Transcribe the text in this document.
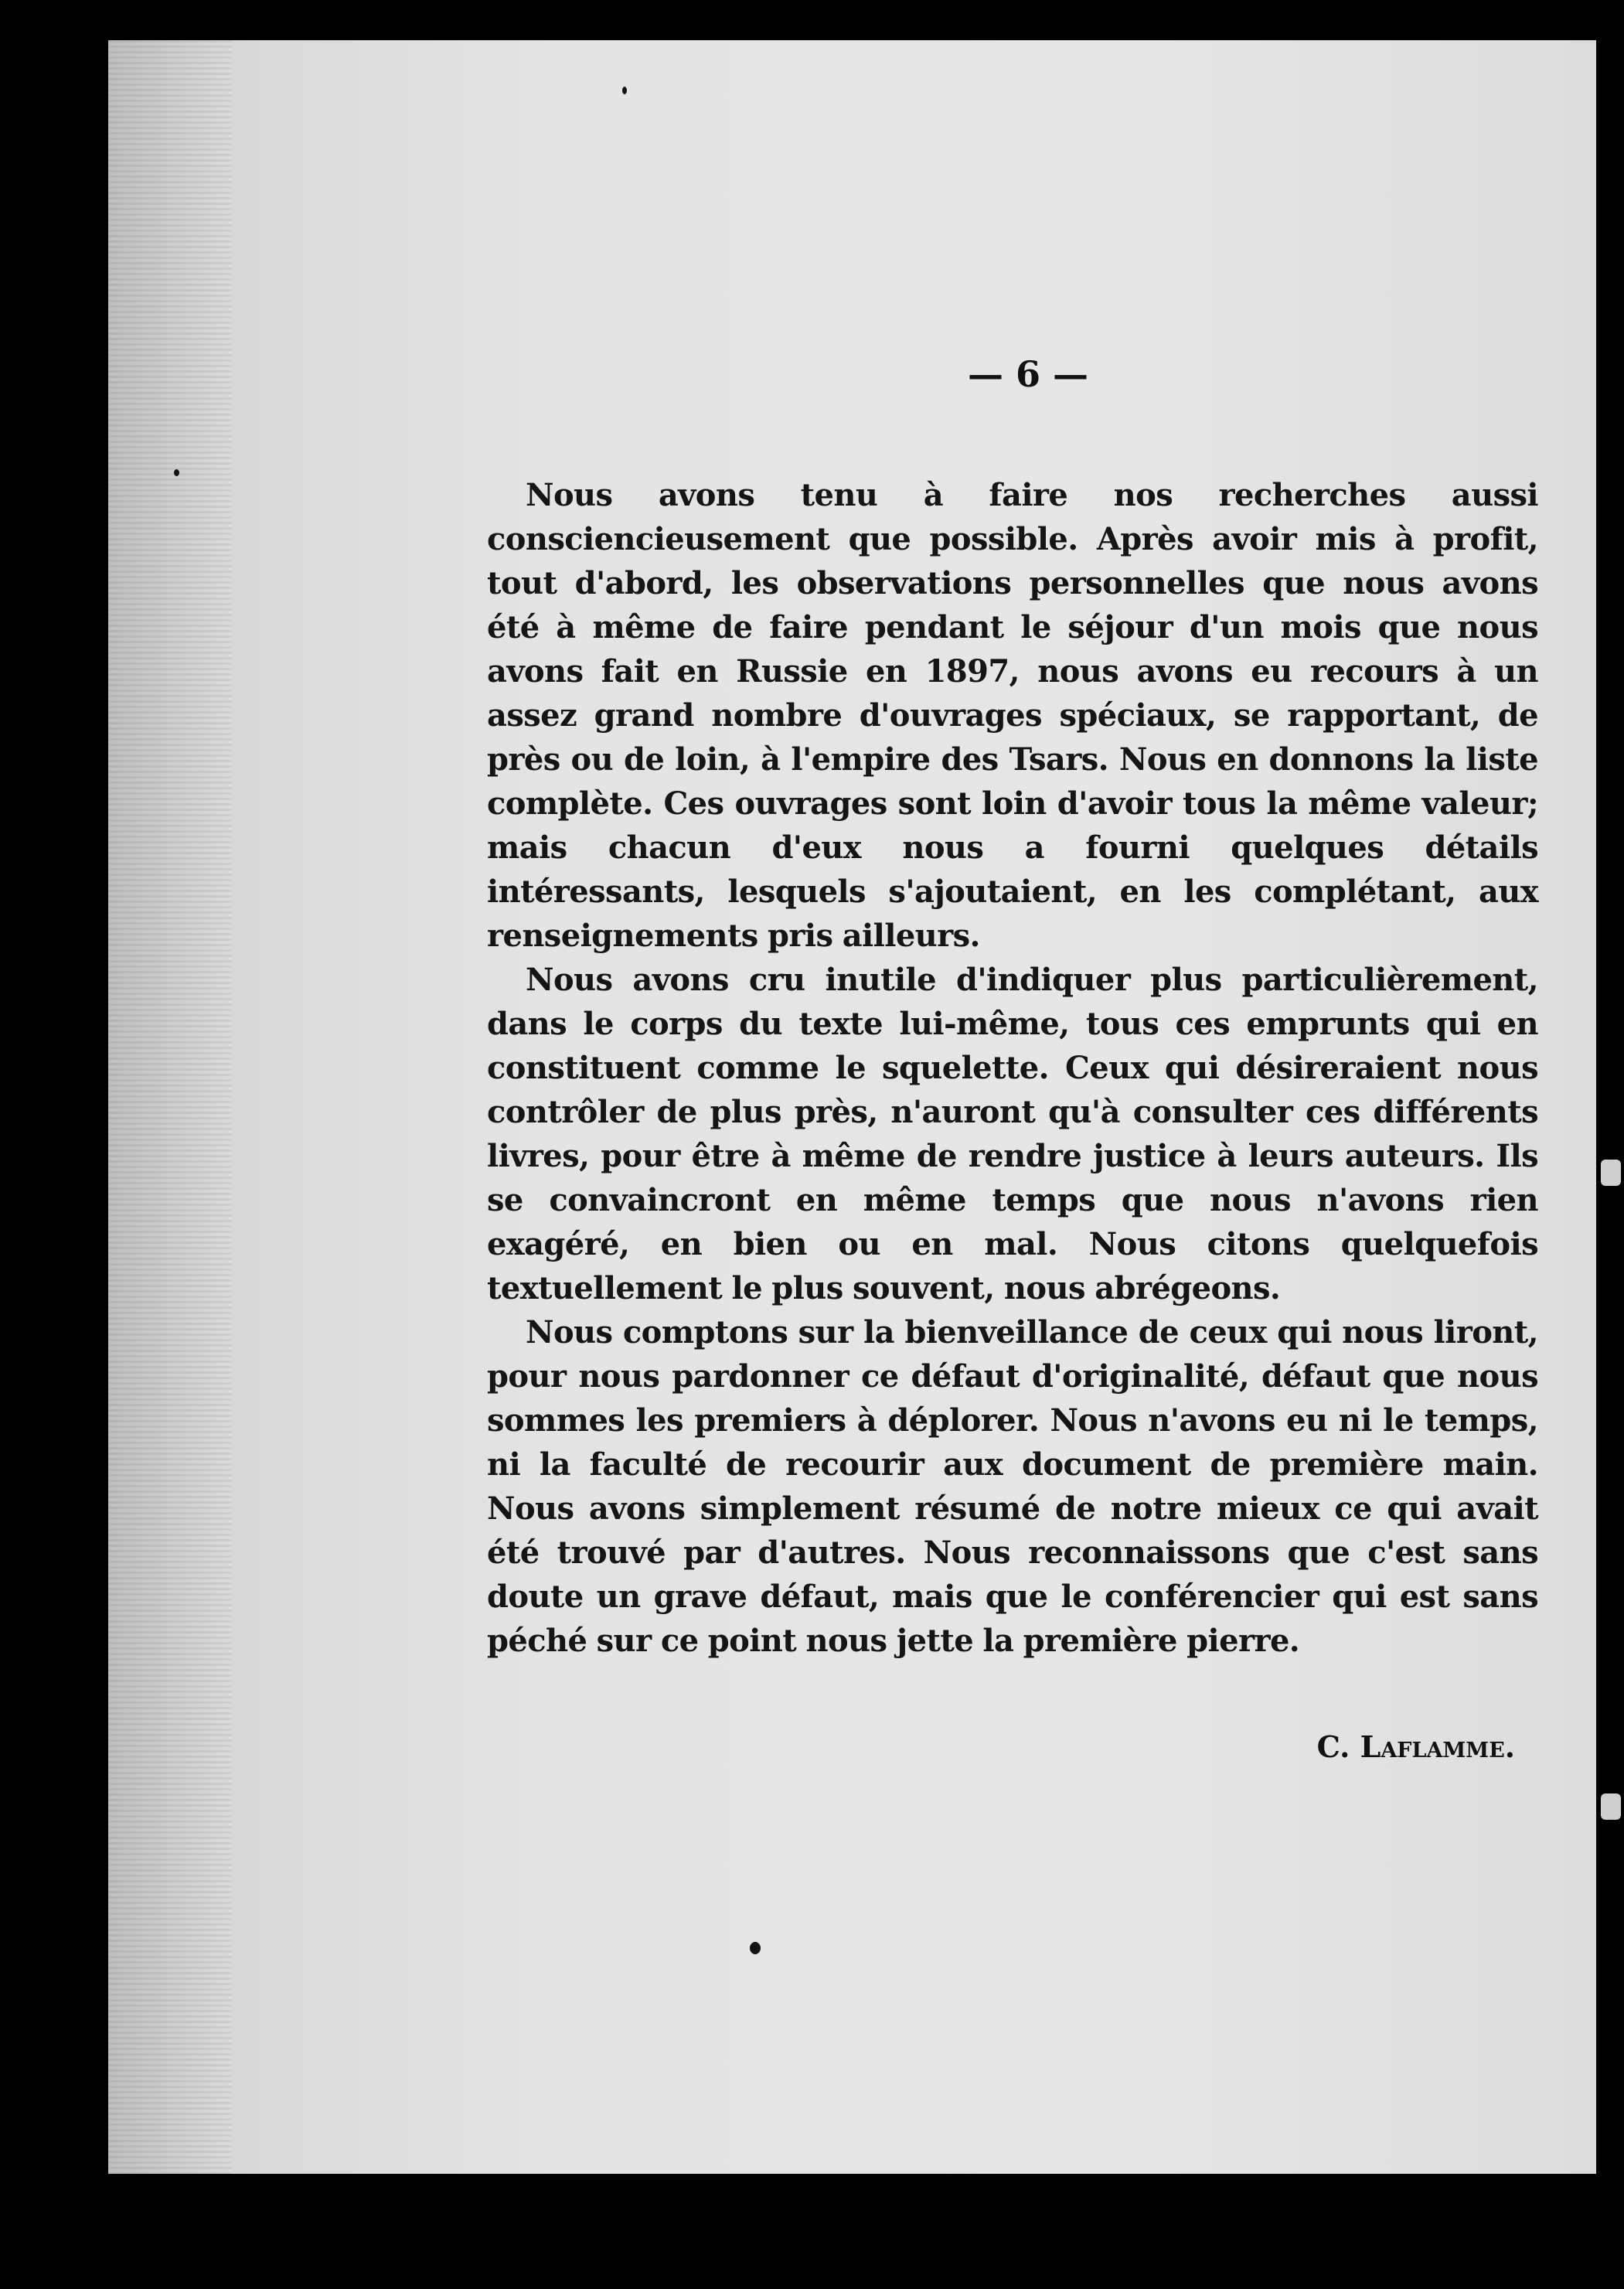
— 6 —

Nous avons tenu à faire nos recherches aussi consciencieusement que possible. Après avoir mis à profit, tout d'abord, les observations personnelles que nous avons été à même de faire pendant le séjour d'un mois que nous avons fait en Russie en 1897, nous avons eu recours à un assez grand nombre d'ouvrages spéciaux, se rapportant, de près ou de loin, à l'empire des Tsars. Nous en donnons la liste complète. Ces ouvrages sont loin d'avoir tous la même valeur; mais chacun d'eux nous a fourni quelques détails intéressants, lesquels s'ajoutaient, en les complétant, aux renseignements pris ailleurs.

Nous avons cru inutile d'indiquer plus particulièrement, dans le corps du texte lui-même, tous ces emprunts qui en constituent comme le squelette. Ceux qui désireraient nous contrôler de plus près, n'auront qu'à consulter ces différents livres, pour être à même de rendre justice à leurs auteurs. Ils se convaincront en même temps que nous n'avons rien exagéré, en bien ou en mal. Nous citons quelquefois textuellement le plus souvent, nous abrégeons.

Nous comptons sur la bienveillance de ceux qui nous liront, pour nous pardonner ce défaut d'originalité, défaut que nous sommes les premiers à déplorer. Nous n'avons eu ni le temps, ni la faculté de recourir aux document de première main. Nous avons simplement résumé de notre mieux ce qui avait été trouvé par d'autres. Nous reconnaissons que c'est sans doute un grave défaut, mais que le conférencier qui est sans péché sur ce point nous jette la première pierre.

C. Laflamme.
